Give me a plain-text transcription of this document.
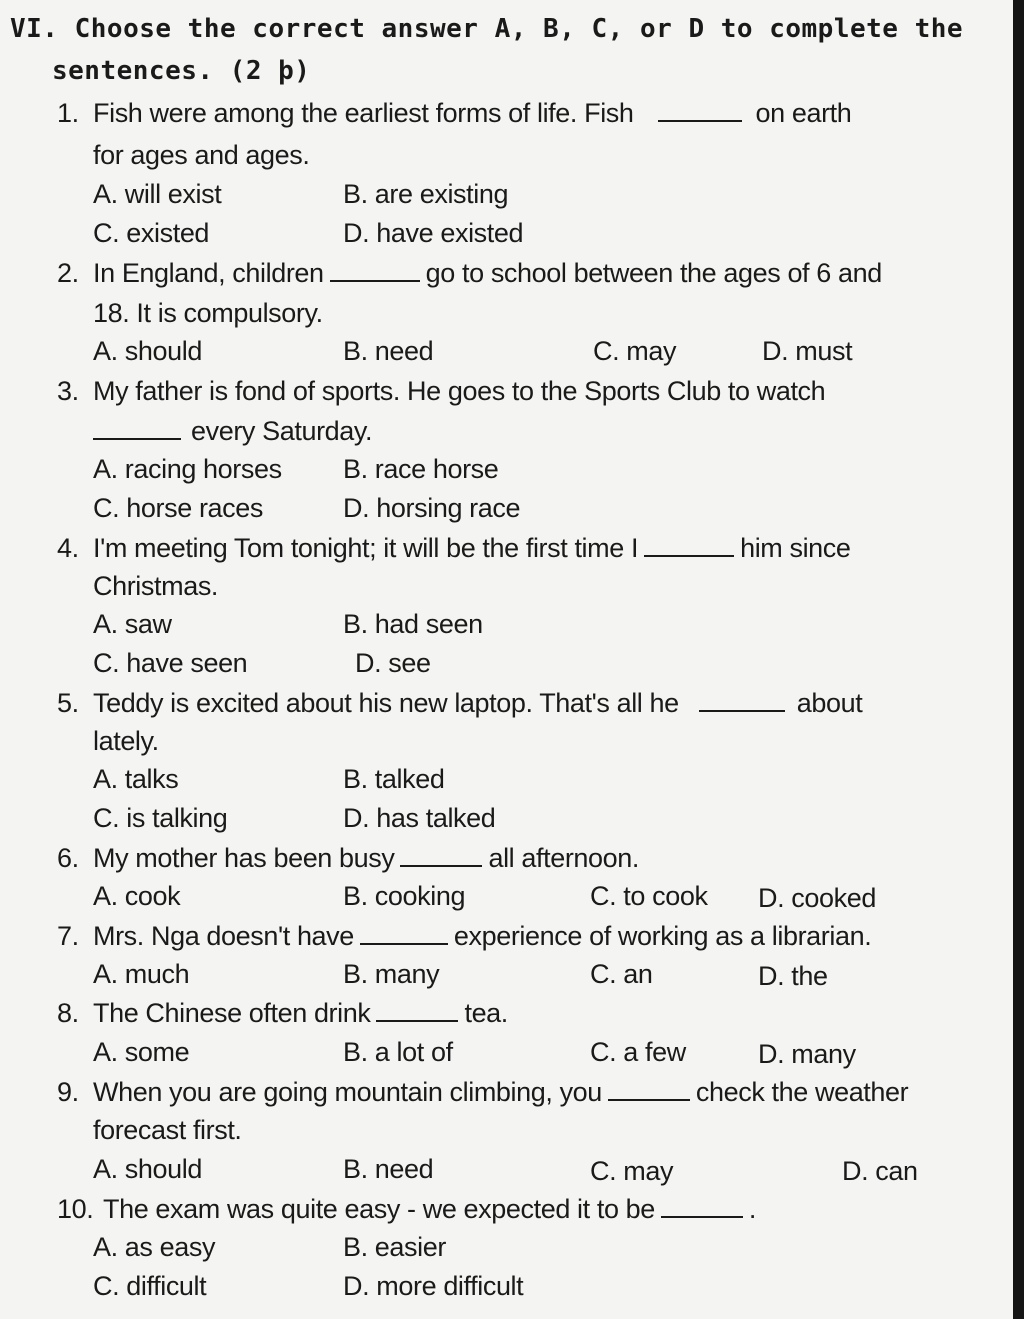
VI. Choose the correct answer A, B, C, or D to complete the
sentences. (2 þ)
1. Fish were among the earliest forms of life. Fish	on earth
for ages and ages.
A. will exist	B. are existing
C. existed	D. have existed
2. In England, children	go to school between the ages of 6 and
18. It is compulsory.
A. should	B. need	C. may	D. must
3. My father is fond of sports. He goes to the Sports Club to watch
every Saturday.
A. racing horses B. race horse
C. horse races	D. horsing race
4. I'm meeting Tom tonight; it will be the first time I	him since
Christmas.
A. saw	B. had seen
C. have seen	D. see
5. Teddy is excited about his new laptop. That's all he	about
lately.
A. talks	B. talked
C. is talking	D. has talked
6. My mother has been busy	all afternoon.
A. cook	B. cooking	C. to cook D. cooked
7. Mrs. Nga doesn't have	experience of working as a librarian.
A. much	B. many	C. an	D. the
8. The Chinese often drink	tea.
A. some	B. a lot of	C. a few	D. many
9. When you are going mountain climbing, you	check the weather
forecast first.
A. should	B. need	C. may	D. can
10. The exam was quite easy - we expected it to be	.
A. as easy	B. easier
C. difficult	D. more difficult
